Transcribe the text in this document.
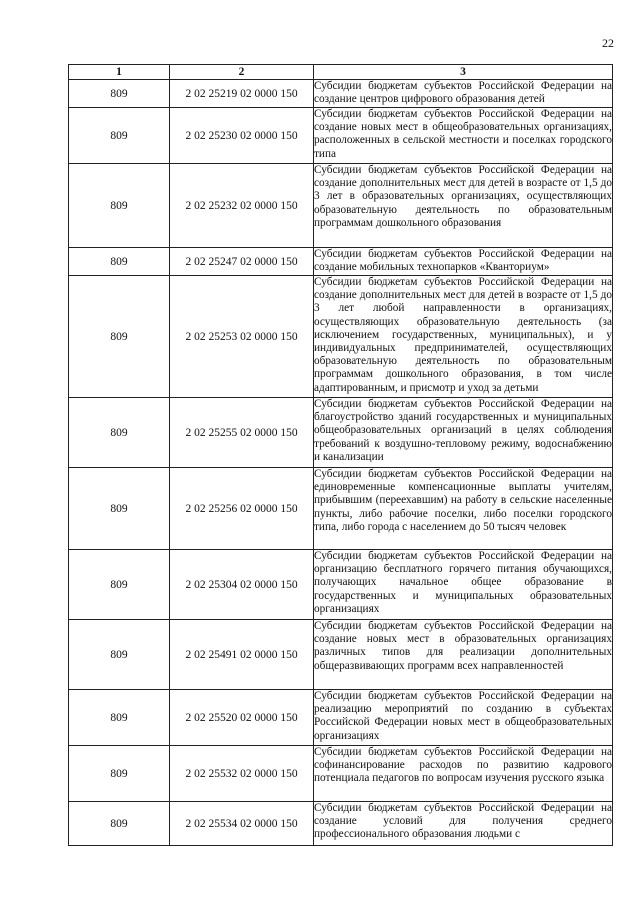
22
1	2	3
809	2 02 25219 02 0000 150	Субсидии бюджетам субъектов Российской Федерации на создание центров цифрового образования детей
809	2 02 25230 02 0000 150	Субсидии бюджетам субъектов Российской Федерации на создание новых мест в общеобразовательных организациях, расположенных в сельской местности и поселках городского типа
809	2 02 25232 02 0000 150	Субсидии бюджетам субъектов Российской Федерации на создание дополнительных мест для детей в возрасте от 1,5 до 3 лет в образовательных организациях, осуществляющих образовательную деятельность по образовательным программам дошкольного образования
809	2 02 25247 02 0000 150	Субсидии бюджетам субъектов Российской Федерации на создание мобильных технопарков «Кванториум»
809	2 02 25253 02 0000 150	Субсидии бюджетам субъектов Российской Федерации на создание дополнительных мест для детей в возрасте от 1,5 до 3 лет любой направленности в организациях, осуществляющих образовательную деятельность (за исключением государственных, муниципальных), и у индивидуальных предпринимателей, осуществляющих образовательную деятельность по образовательным программам дошкольного образования, в том числе адаптированным, и присмотр и уход за детьми
809	2 02 25255 02 0000 150	Субсидии бюджетам субъектов Российской Федерации на благоустройство зданий государственных и муниципальных общеобразовательных организаций в целях соблюдения требований к воздушно-тепловому режиму, водоснабжению и канализации
809	2 02 25256 02 0000 150	Субсидии бюджетам субъектов Российской Федерации на единовременные компенсационные выплаты учителям, прибывшим (переехавшим) на работу в сельские населенные пункты, либо рабочие поселки, либо поселки городского типа, либо города с населением до 50 тысяч человек
809	2 02 25304 02 0000 150	Субсидии бюджетам субъектов Российской Федерации на организацию бесплатного горячего питания обучающихся, получающих начальное общее образование в государственных и муниципальных образовательных организациях
809	2 02 25491 02 0000 150	Субсидии бюджетам субъектов Российской Федерации на создание новых мест в образовательных организациях различных типов для реализации дополнительных общеразвивающих программ всех направленностей
809	2 02 25520 02 0000 150	Субсидии бюджетам субъектов Российской Федерации на реализацию мероприятий по созданию в субъектах Российской Федерации новых мест в общеобразовательных организациях
809	2 02 25532 02 0000 150	Субсидии бюджетам субъектов Российской Федерации на софинансирование расходов по развитию кадрового потенциала педагогов по вопросам изучения русского языка
809	2 02 25534 02 0000 150	Субсидии бюджетам субъектов Российской Федерации на создание условий для получения среднего профессионального образования людьми с
